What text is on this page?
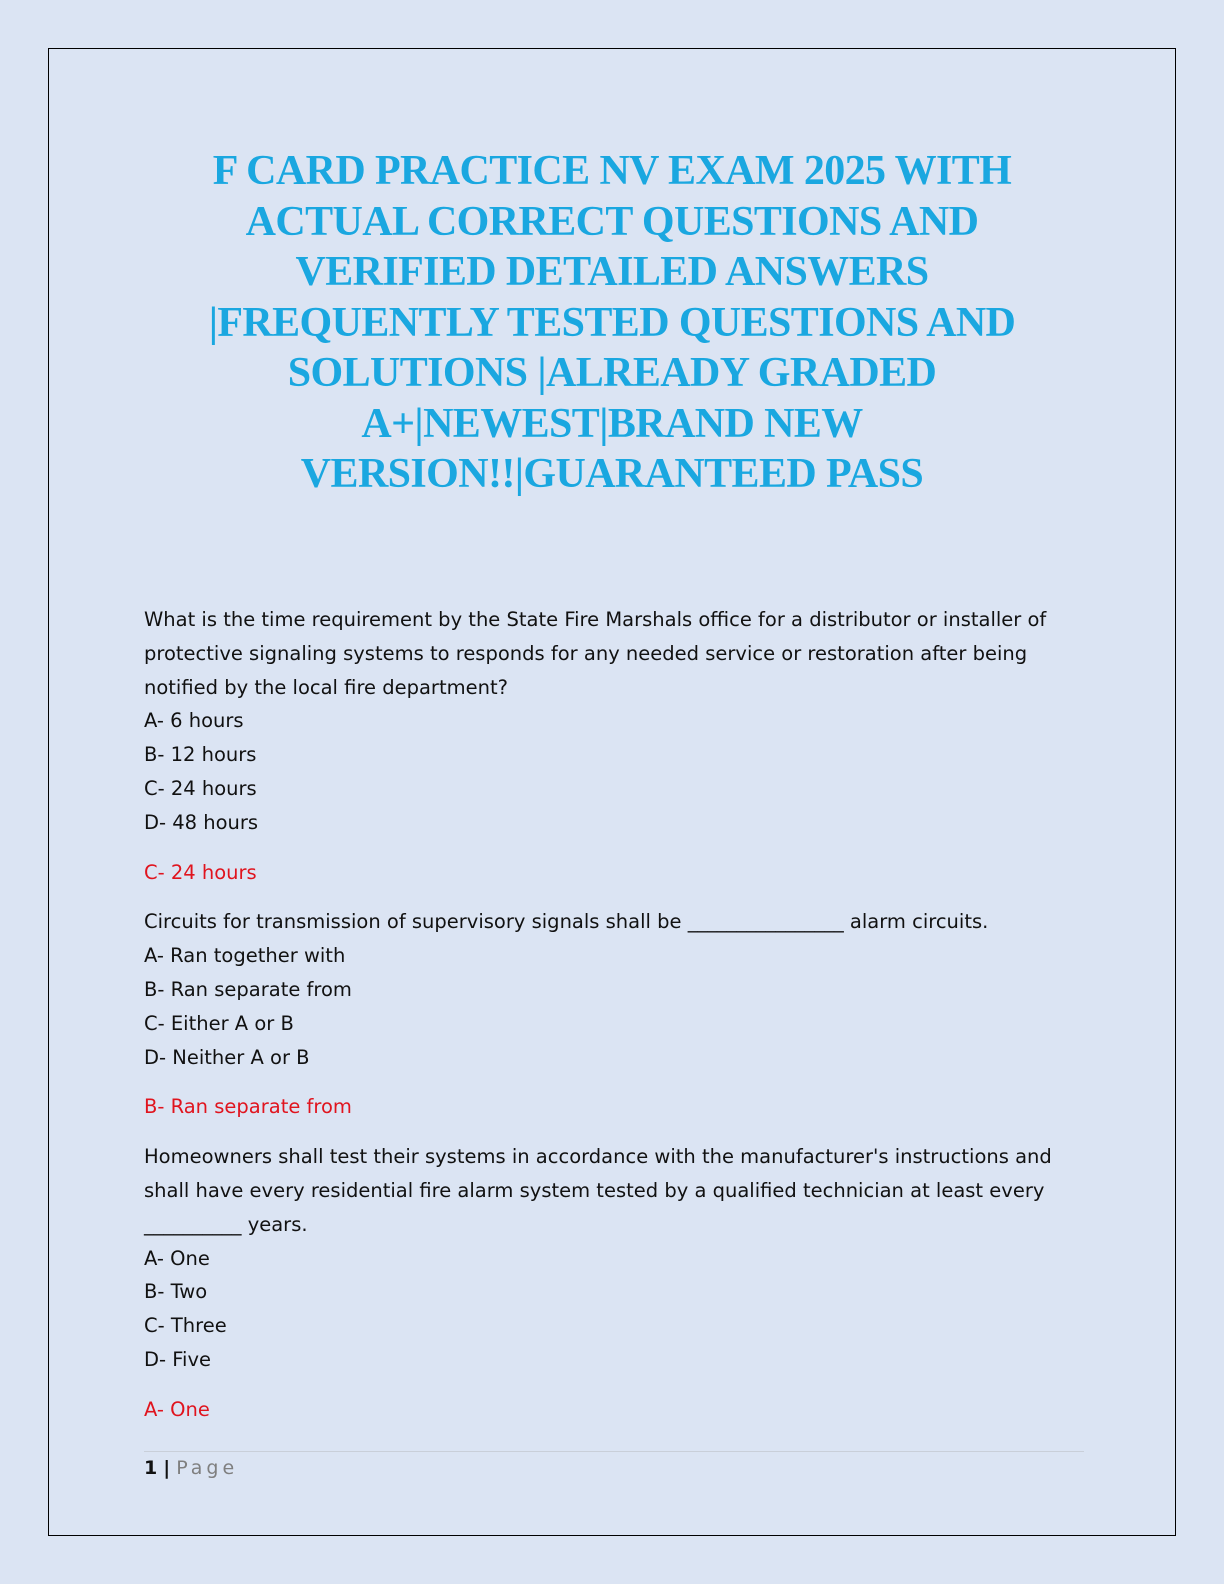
F CARD PRACTICE NV EXAM 2025 WITH
ACTUAL CORRECT QUESTIONS AND
VERIFIED DETAILED ANSWERS
|FREQUENTLY TESTED QUESTIONS AND
SOLUTIONS |ALREADY GRADED
A+|NEWEST|BRAND NEW
VERSION!!|GUARANTEED PASS
What is the time requirement by the State Fire Marshals office for a distributor or installer of
protective signaling systems to responds for any needed service or restoration after being
notified by the local fire department?
A- 6 hours
B- 12 hours
C- 24 hours
D- 48 hours
C- 24 hours
Circuits for transmission of supervisory signals shall be ________________ alarm circuits.
A- Ran together with
B- Ran separate from
C- Either A or B
D- Neither A or B
B- Ran separate from
Homeowners shall test their systems in accordance with the manufacturer's instructions and
shall have every residential fire alarm system tested by a qualified technician at least every
__________ years.
A- One
B- Two
C- Three
D- Five
A- One
1 | Page
